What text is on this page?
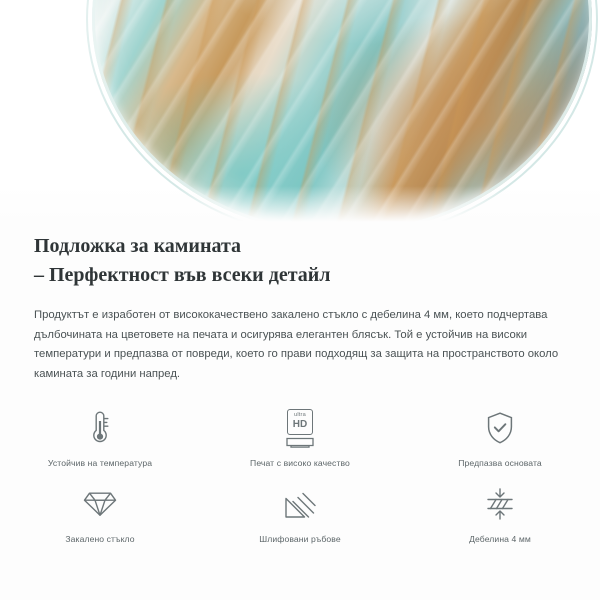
Подложка за камината
– Перфектност във всеки детайл
Продуктът е изработен от висококачествено закалено стъкло с дебелина 4 мм, което подчертава дълбочината на цветовете на печата и осигурява елегантен блясък. Той е устойчив на високи температури и предпазва от повреди, което го прави подходящ за защита на пространството около камината за години напред.
Устойчив на температура
ultra
HD
Печат с високо качество	Предпазва основата
Закалено стъкло	Шлифовани ръбове	Дебелина 4 мм
